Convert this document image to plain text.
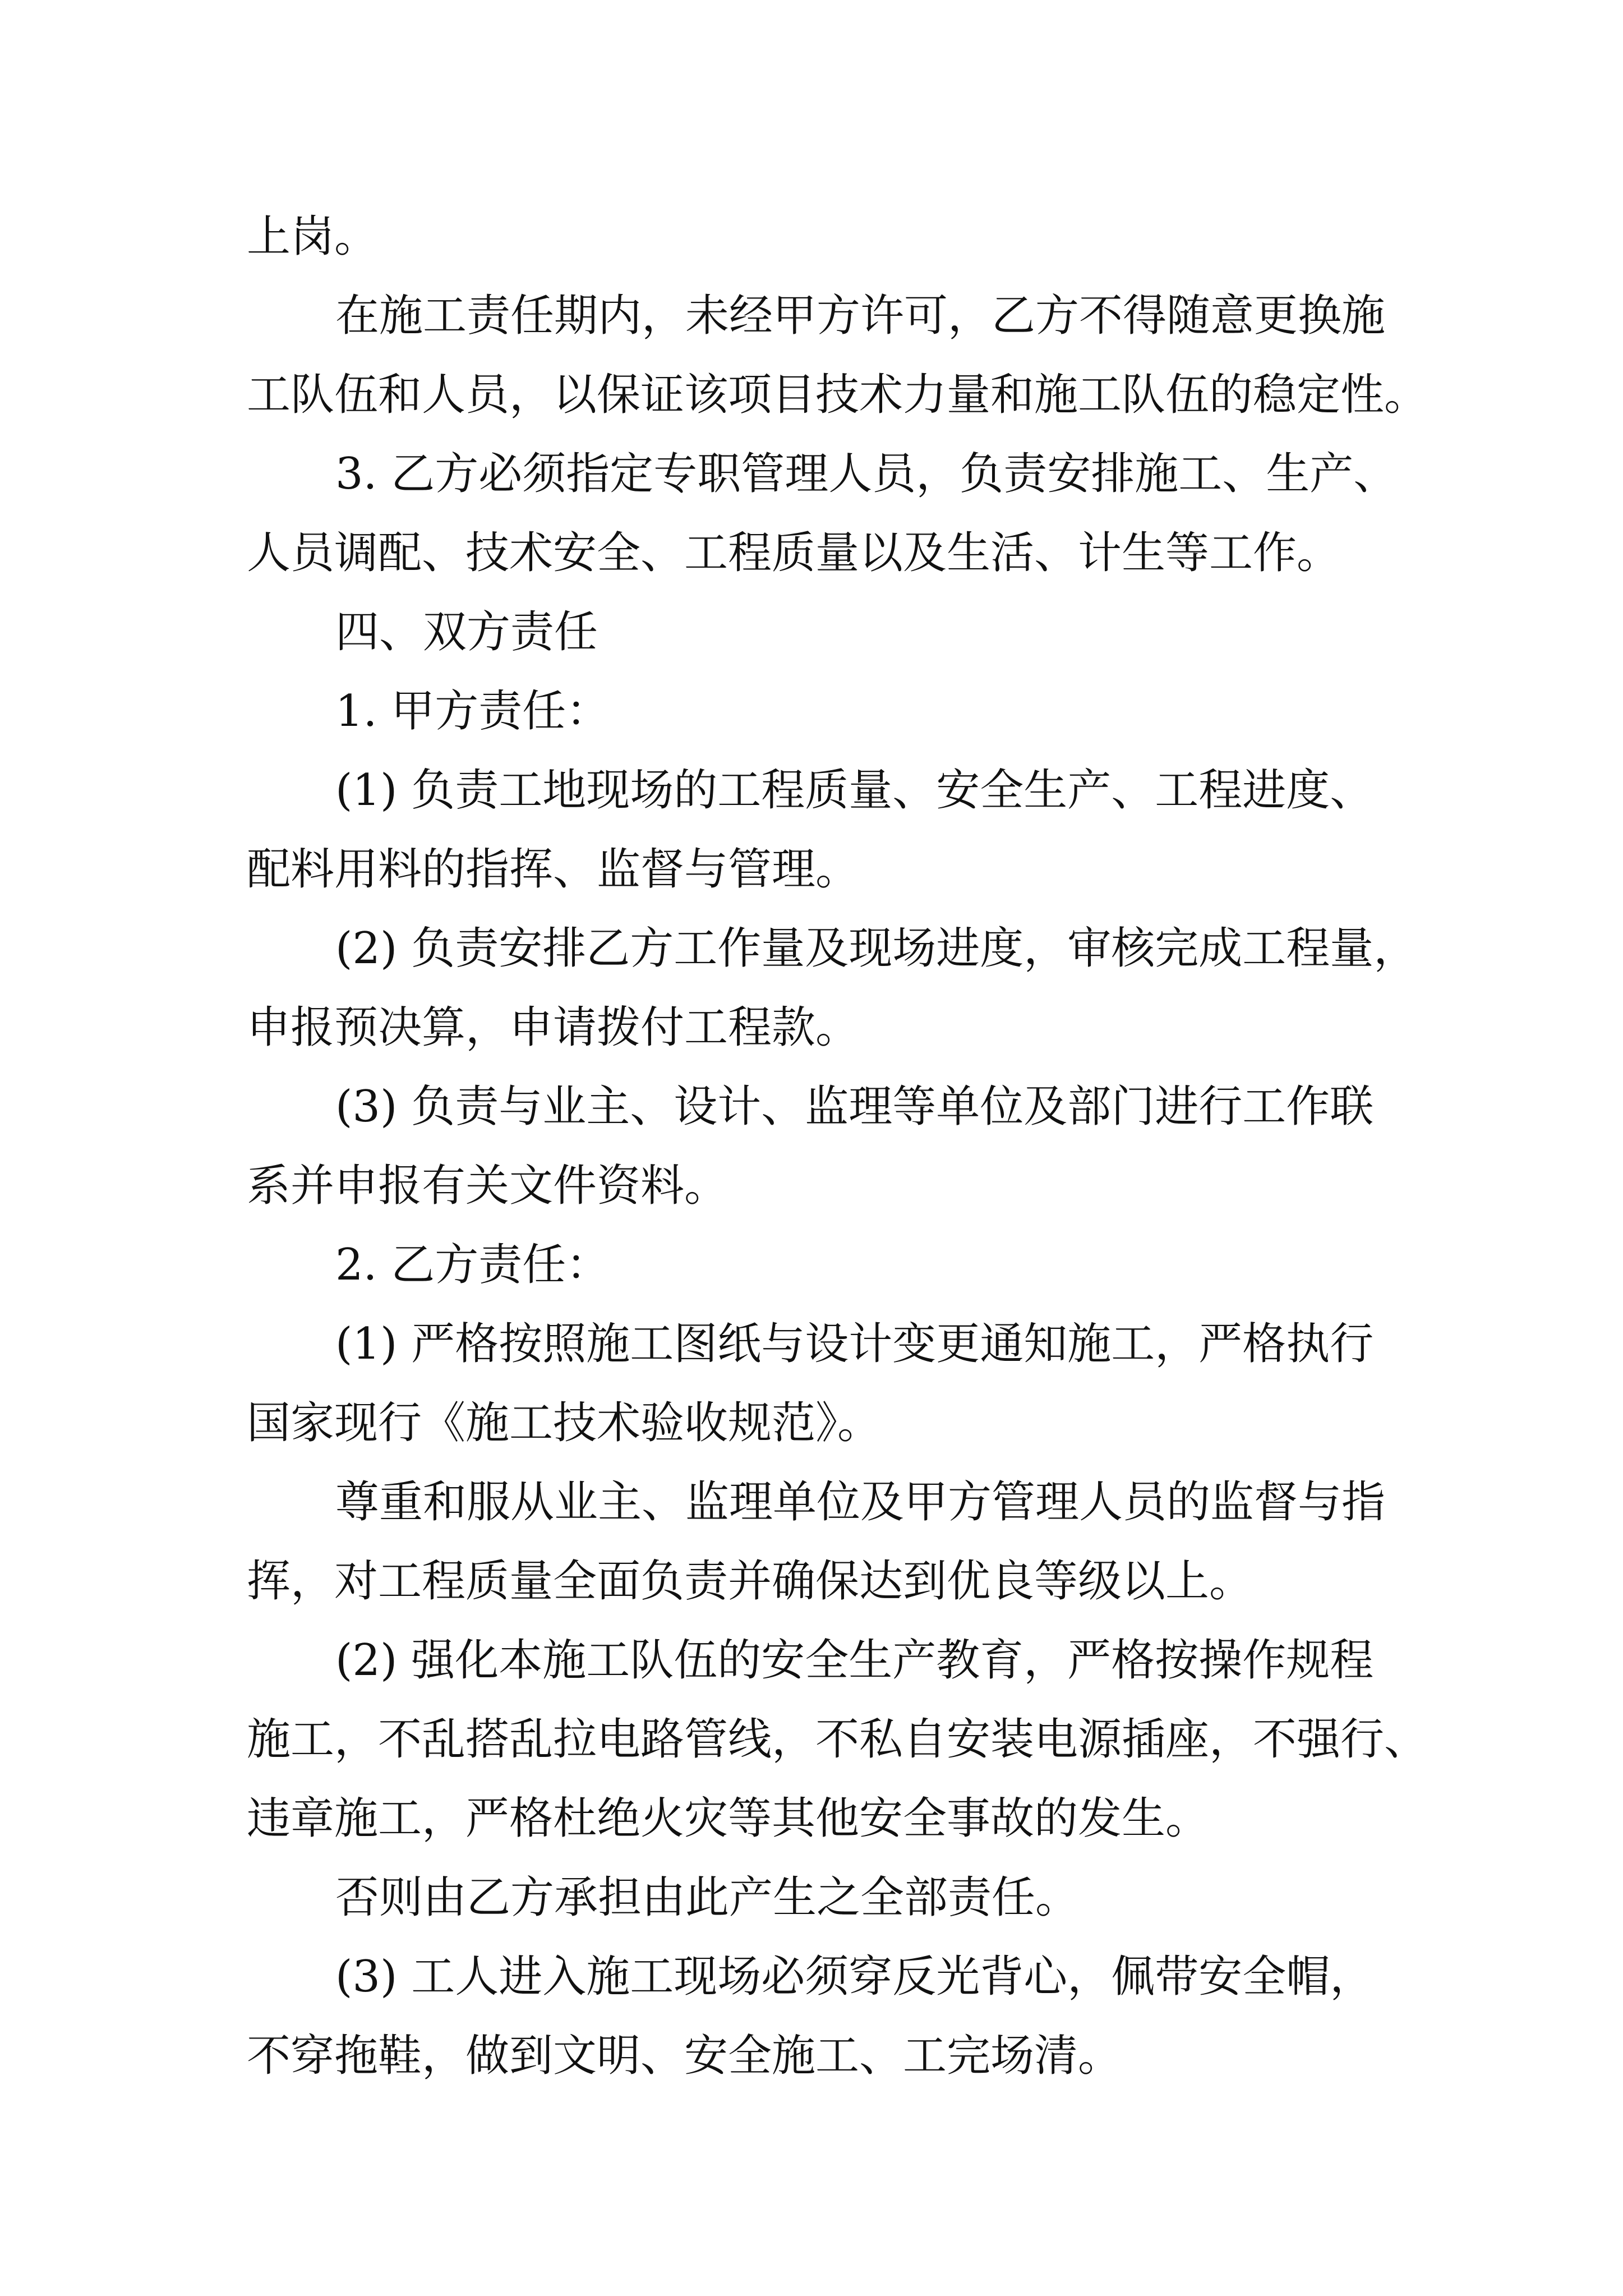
上岗。

在施工责任期内，未经甲方许可，乙方不得随意更换施

工队伍和人员，以保证该项目技术力量和施工队伍的稳定性。

3. 乙方必须指定专职管理人员，负责安排施工、生产、

人员调配、技术安全、工程质量以及生活、计生等工作。

四、双方责任

1. 甲方责任：

(1) 负责工地现场的工程质量、安全生产、工程进度、

配料用料的指挥、监督与管理。

(2) 负责安排乙方工作量及现场进度，审核完成工程量，

申报预决算，申请拨付工程款。

(3) 负责与业主、设计、监理等单位及部门进行工作联

系并申报有关文件资料。

2. 乙方责任：

(1) 严格按照施工图纸与设计变更通知施工，严格执行

国家现行《施工技术验收规范》。

尊重和服从业主、监理单位及甲方管理人员的监督与指

挥，对工程质量全面负责并确保达到优良等级以上。

(2) 强化本施工队伍的安全生产教育，严格按操作规程

施工，不乱搭乱拉电路管线，不私自安装电源插座，不强行、

违章施工，严格杜绝火灾等其他安全事故的发生。

否则由乙方承担由此产生之全部责任。

(3) 工人进入施工现场必须穿反光背心，佩带安全帽，

不穿拖鞋，做到文明、安全施工、工完场清。
